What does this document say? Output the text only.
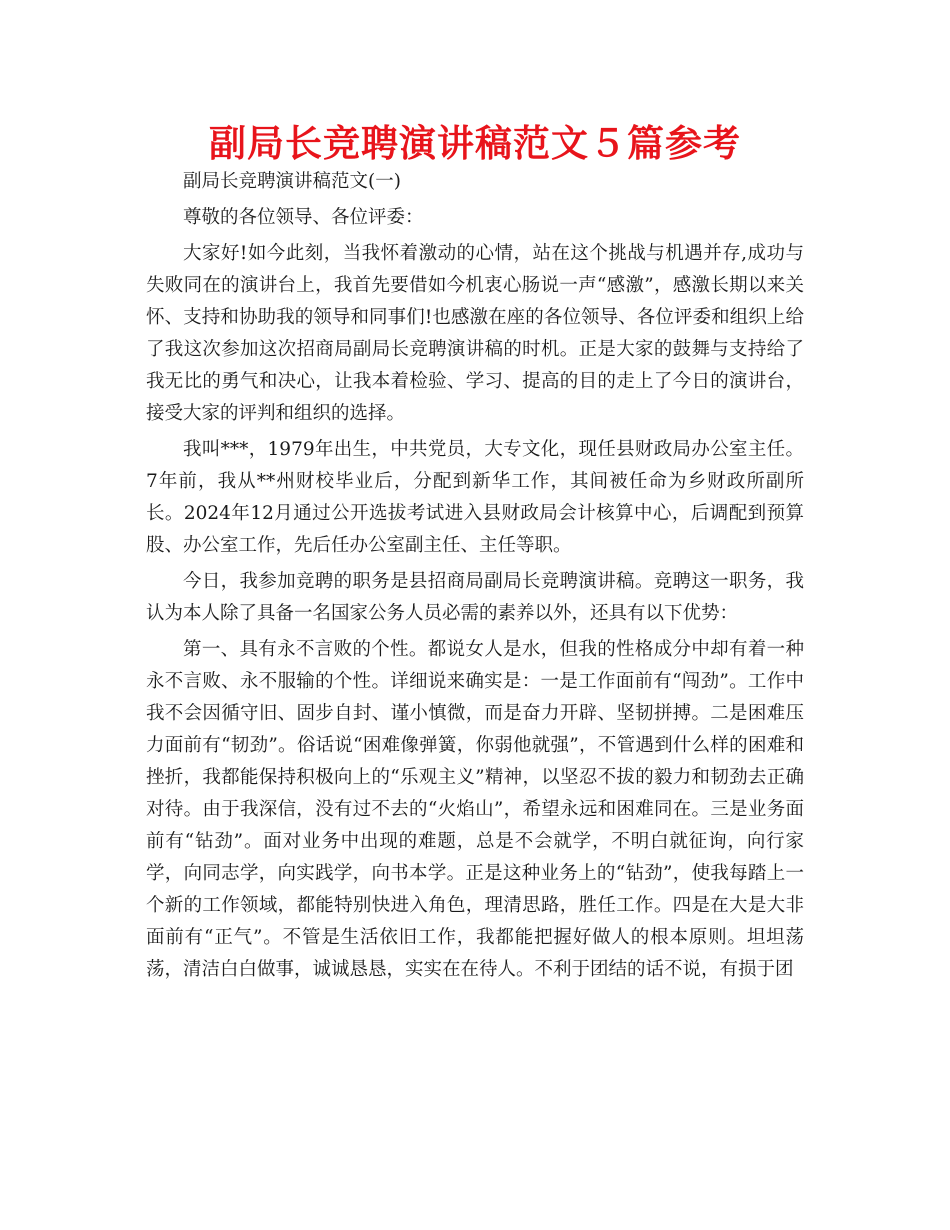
副局长竞聘演讲稿范文５篇参考

副局长竞聘演讲稿范文(一)

尊敬的各位领导、各位评委：

大家好!如今此刻，当我怀着激动的心情，站在这个挑战与机遇并存,成功与失败同在的演讲台上，我首先要借如今机衷心肠说一声“感激”，感激长期以来关怀、支持和协助我的领导和同事们!也感激在座的各位领导、各位评委和组织上给了我这次参加这次招商局副局长竞聘演讲稿的时机。正是大家的鼓舞与支持给了我无比的勇气和决心，让我本着检验、学习、提高的目的走上了今日的演讲台，接受大家的评判和组织的选择。

我叫***，1979年出生，中共党员，大专文化，现任县财政局办公室主任。7年前，我从**州财校毕业后，分配到新华工作，其间被任命为乡财政所副所长。2024年12月通过公开选拔考试进入县财政局会计核算中心，后调配到预算股、办公室工作，先后任办公室副主任、主任等职。

今日，我参加竞聘的职务是县招商局副局长竞聘演讲稿。竞聘这一职务，我认为本人除了具备一名国家公务人员必需的素养以外，还具有以下优势：

第一、具有永不言败的个性。都说女人是水，但我的性格成分中却有着一种永不言败、永不服输的个性。详细说来确实是：一是工作面前有“闯劲”。工作中我不会因循守旧、固步自封、谨小慎微，而是奋力开辟、坚韧拼搏。二是困难压力面前有“韧劲”。俗话说“困难像弹簧，你弱他就强”，不管遇到什么样的困难和挫折，我都能保持积极向上的“乐观主义”精神，以坚忍不拔的毅力和韧劲去正确对待。由于我深信，没有过不去的“火焰山”，希望永远和困难同在。三是业务面前有“钻劲”。面对业务中出现的难题，总是不会就学，不明白就征询，向行家学，向同志学，向实践学，向书本学。正是这种业务上的“钻劲”，使我每踏上一个新的工作领域，都能特别快进入角色，理清思路，胜任工作。四是在大是大非面前有“正气”。不管是生活依旧工作，我都能把握好做人的根本原则。坦坦荡荡，清洁白白做事，诚诚恳恳，实实在在待人。不利于团结的话不说，有损于团
